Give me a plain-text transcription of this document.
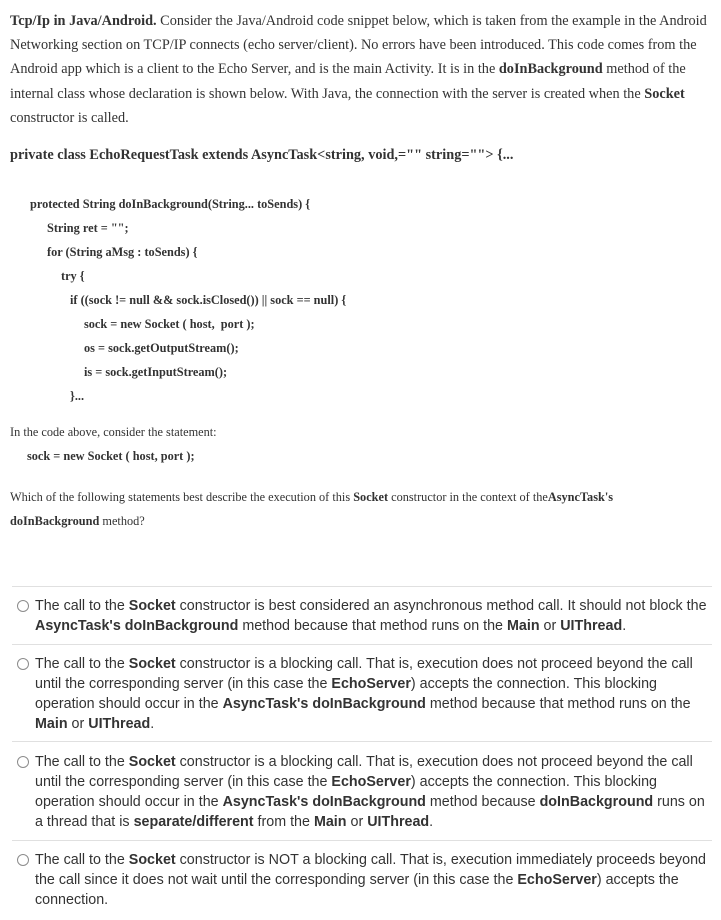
Tcp/Ip in Java/Android. Consider the Java/Android code snippet below, which is taken from the example in the Android Networking section on TCP/IP connects (echo server/client). No errors have been introduced. This code comes from the Android app which is a client to the Echo Server, and is the main Activity. It is in the doInBackground method of the internal class whose declaration is shown below. With Java, the connection with the server is created when the Socket constructor is called.
private class EchoRequestTask extends AsyncTask<string, void,="" string=""> {...
protected String doInBackground(String... toSends) {
String ret = "";
for (String aMsg : toSends) {
try {
if ((sock != null && sock.isClosed()) || sock == null) {
sock = new Socket ( host,  port );
os = sock.getOutputStream();
is = sock.getInputStream();
}...
In the code above, consider the statement:
sock = new Socket ( host, port );
Which of the following statements best describe the execution of this Socket constructor in the context of theAsyncTask's
doInBackground method?
The call to the Socket constructor is best considered an asynchronous method call. It should not block the AsyncTask's doInBackground method because that method runs on the Main or UIThread.
The call to the Socket constructor is a blocking call. That is, execution does not proceed beyond the call until the corresponding server (in this case the EchoServer) accepts the connection. This blocking operation should occur in the AsyncTask's doInBackground method because that method runs on the Main or UIThread.
The call to the Socket constructor is a blocking call. That is, execution does not proceed beyond the call until the corresponding server (in this case the EchoServer) accepts the connection. This blocking operation should occur in the AsyncTask's doInBackground method because doInBackground runs on a thread that is separate/different from the Main or UIThread.
The call to the Socket constructor is NOT a blocking call. That is, execution immediately proceeds beyond the call since it does not wait until the corresponding server (in this case the EchoServer) accepts the connection.
